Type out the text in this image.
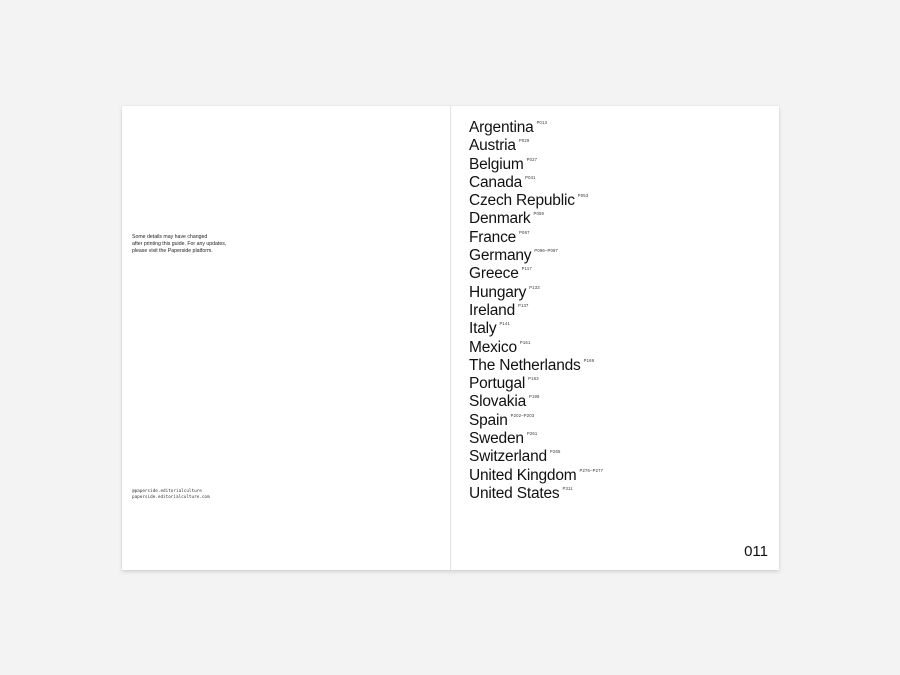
Some details may have changed
after printing this guide. For any updates,
please visit the Paperside platform.
@paperside.editorialculture
paperside.editorialculture.com
Argentina $^{P013}$
Austria $^{P029}$
Belgium $^{P027}$
Canada $^{P041}$
Czech Republic $^{P053}$
Denmark $^{P059}$
France $^{P067}$
Germany $^{P096-P097}$
Greece $^{P117}$
Hungary $^{P133}$
Ireland $^{P137}$
Italy $^{P141}$
Mexico $^{P161}$
The Netherlands $^{P169}$
Portugal $^{P183}$
Slovakia $^{P199}$
Spain $^{P202-P203}$
Sweden $^{P261}$
Switzerland $^{P265}$
United Kingdom $^{P276-P277}$
United States $^{P311}$
011
